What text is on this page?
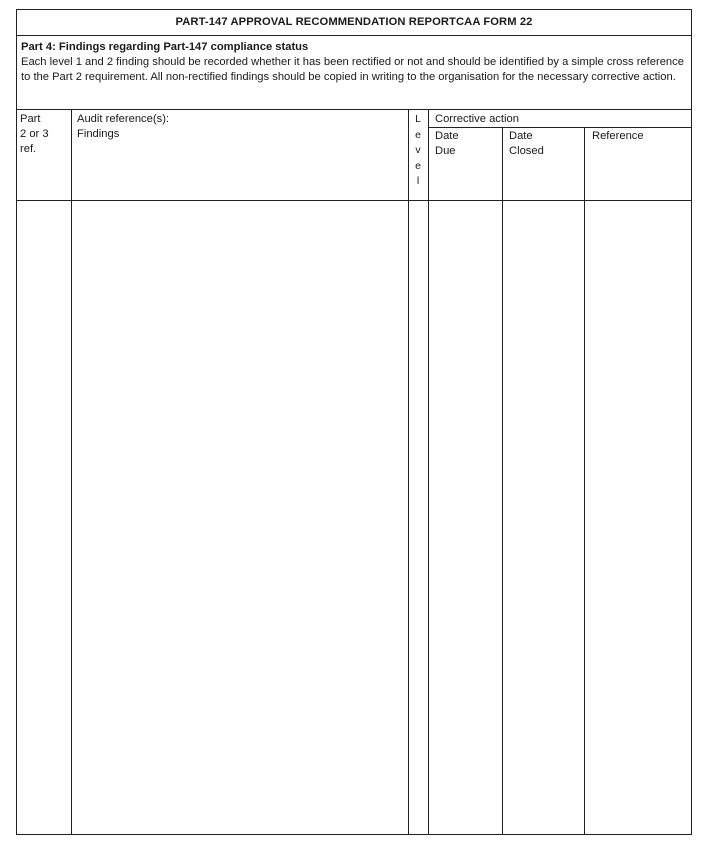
PART-147 APPROVAL RECOMMENDATION REPORTCAA FORM 22
Part 4: Findings regarding Part-147 compliance status
Each level 1 and 2 finding should be recorded whether it has been rectified or not and should be identified by a simple cross reference to the Part 2 requirement. All non-rectified findings should be copied in writing to the organisation for the necessary corrective action.
Part
2 or 3
ref.
Audit reference(s):
Findings
L
e
v
e
l
Corrective action
Date
Due
Date
Closed
Reference
